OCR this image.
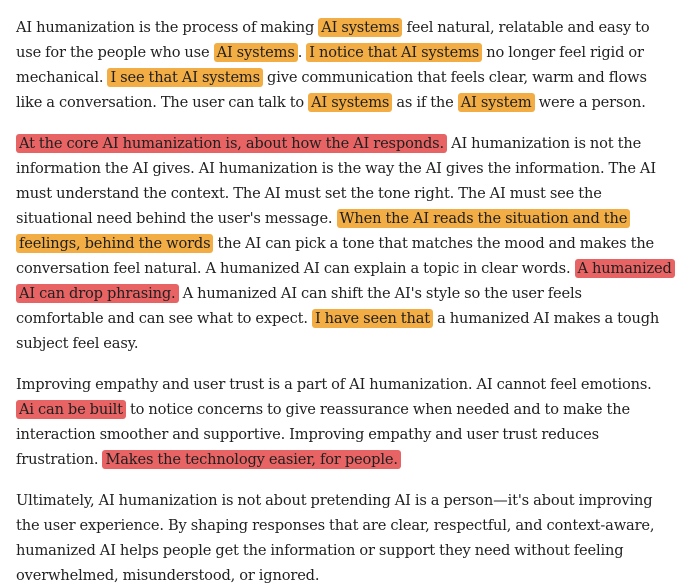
AI humanization is the process of making AI systems feel natural, relatable and easy to use for the people who use AI systems . I notice that AI systems no longer feel rigid or mechanical. I see that AI systems give communication that feels clear, warm and flows like a conversation. The user can talk to AI systems as if the AI system were a person.

At the core AI humanization is, about how the AI responds. AI humanization is not the information the AI gives. AI humanization is the way the AI gives the information. The AI must understand the context. The AI must set the tone right. The AI must see the situational need behind the user's message. When the AI reads the situation and the feelings, behind the words the AI can pick a tone that matches the mood and makes the conversation feel natural. A humanized AI can explain a topic in clear words. A humanized AI can drop phrasing. A humanized AI can shift the AI's style so the user feels comfortable and can see what to expect. I have seen that a humanized AI makes a tough subject feel easy.

Improving empathy and user trust is a part of AI humanization. AI cannot feel emotions. Ai can be built to notice concerns to give reassurance when needed and to make the interaction smoother and supportive. Improving empathy and user trust reduces frustration. Makes the technology easier, for people.

Ultimately, AI humanization is not about pretending AI is a person—it's about improving the user experience. By shaping responses that are clear, respectful, and context-aware, humanized AI helps people get the information or support they need without feeling overwhelmed, misunderstood, or ignored.
